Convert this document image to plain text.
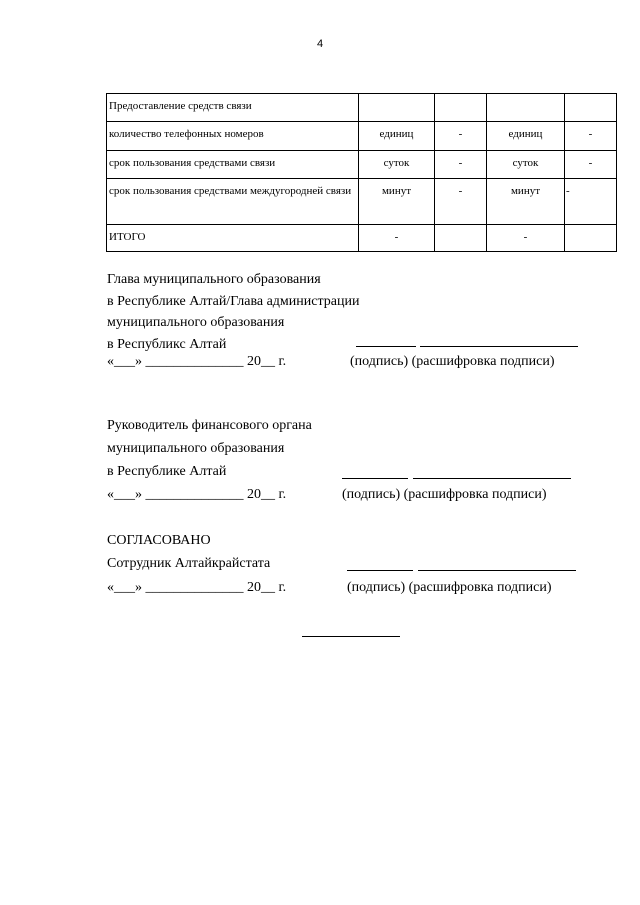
4
Предоставление средств связи				
количество телефонных номеров	единиц	-	единиц	-
срок пользования средствами связи	суток	-	суток	-
срок пользования средствами междугородней связи	минут	-	минут	-
ИТОГО	-		-	
Глава муниципального образования
в Республике Алтай/Глава администрации
муниципального образования
в Республикс Алтай
«___» ______________ 20__ г.	(подпись) (расшифровка подписи)
Руководитель финансового органа
муниципального образования
в Республике Алтай
«___» ______________ 20__ г.	(подпись) (расшифровка подписи)
СОГЛАСОВАНО
Сотрудник Алтайкрайстата
«___» ______________ 20__ г.	(подпись) (расшифровка подписи)
